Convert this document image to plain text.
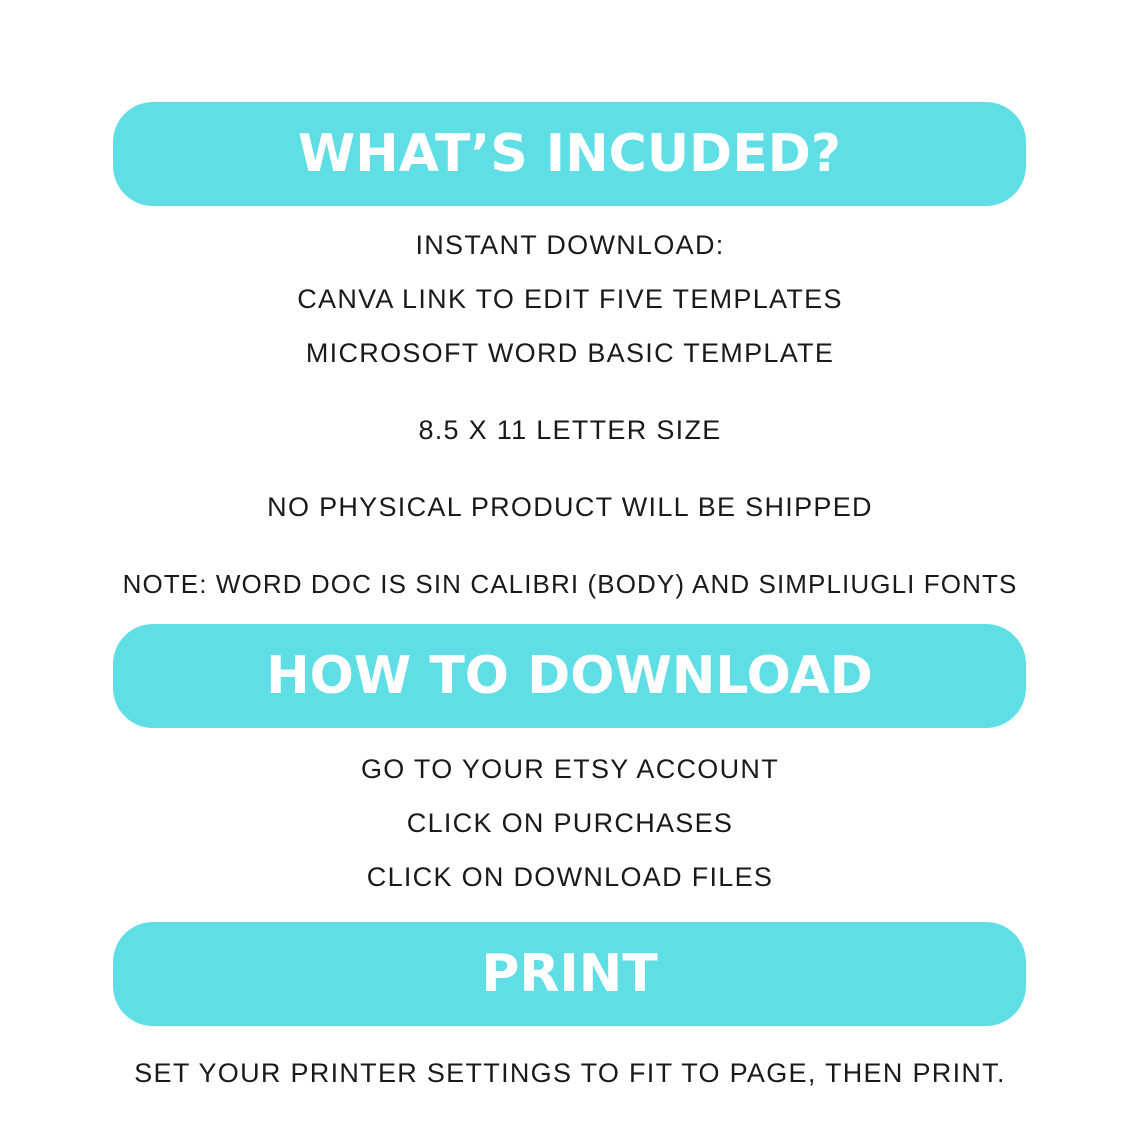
WHAT’S INCUDED?
INSTANT DOWNLOAD:
CANVA LINK TO EDIT FIVE TEMPLATES
MICROSOFT WORD BASIC TEMPLATE
8.5 X 11 LETTER SIZE
NO PHYSICAL PRODUCT WILL BE SHIPPED
NOTE: WORD DOC IS SIN CALIBRI (BODY) AND SIMPLIUGLI FONTS
HOW TO DOWNLOAD
GO TO YOUR ETSY ACCOUNT
CLICK ON PURCHASES
CLICK ON DOWNLOAD FILES
PRINT
SET YOUR PRINTER SETTINGS TO FIT TO PAGE, THEN PRINT.
